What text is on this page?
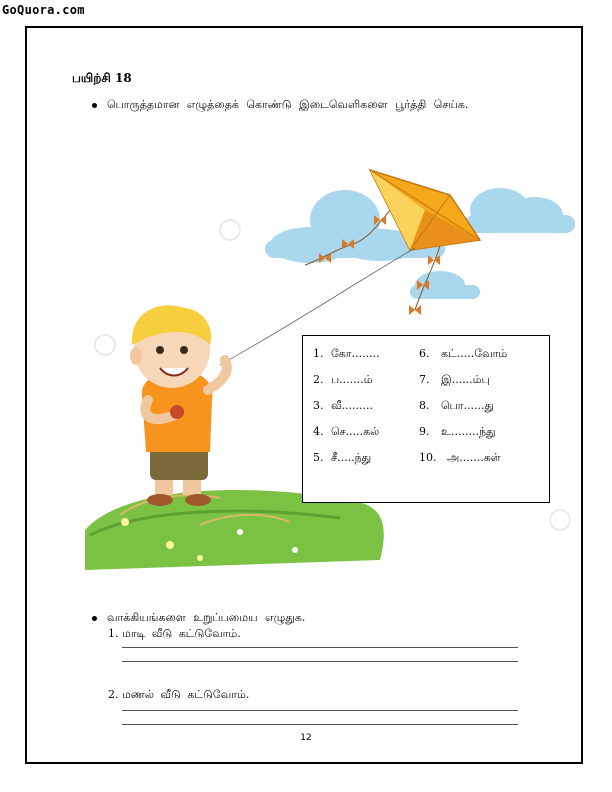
GoQuora.com
பயிற்சி 18
பொருத்தமான எழுத்தைக் கொண்டு இடைவெளிகளை பூர்த்தி செய்க.
1. கோ........
2. ப.......ம்
3. வீ.........
4. செ.....கல்
5. சீ.....ந்து
6. கட்.....வோம்
7. இ......ம்பு
8. பொ......து
9. உ........ந்து
10. அ.......கள்
வாக்கியங்களை உறுப்பமைய எழுதுக.
1. மாடி வீடு கட்டுவோம்.
2. மணல் வீடு கட்டுவோம்.
12
